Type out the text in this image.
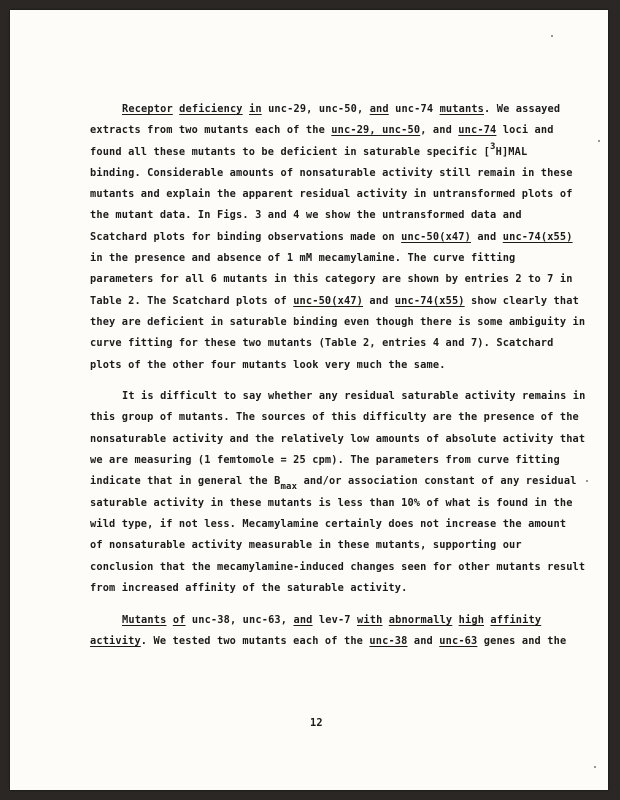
Receptor deficiency in unc-29, unc-50, and unc-74 mutants. We assayed
extracts from two mutants each of the unc-29, unc-50, and unc-74 loci and
found all these mutants to be deficient in saturable specific [3H]MAL
binding. Considerable amounts of nonsaturable activity still remain in these
mutants and explain the apparent residual activity in untransformed plots of
the mutant data. In Figs. 3 and 4 we show the untransformed data and
Scatchard plots for binding observations made on unc-50(x47) and unc-74(x55)
in the presence and absence of 1 mM mecamylamine. The curve fitting
parameters for all 6 mutants in this category are shown by entries 2 to 7 in
Table 2. The Scatchard plots of unc-50(x47) and unc-74(x55) show clearly that
they are deficient in saturable binding even though there is some ambiguity in
curve fitting for these two mutants (Table 2, entries 4 and 7). Scatchard
plots of the other four mutants look very much the same.
It is difficult to say whether any residual saturable activity remains in
this group of mutants. The sources of this difficulty are the presence of the
nonsaturable activity and the relatively low amounts of absolute activity that
we are measuring (1 femtomole = 25 cpm). The parameters from curve fitting
indicate that in general the Bmax and/or association constant of any residual
saturable activity in these mutants is less than 10% of what is found in the
wild type, if not less. Mecamylamine certainly does not increase the amount
of nonsaturable activity measurable in these mutants, supporting our
conclusion that the mecamylamine-induced changes seen for other mutants result
from increased affinity of the saturable activity.
Mutants of unc-38, unc-63, and lev-7 with abnormally high affinity
activity. We tested two mutants each of the unc-38 and unc-63 genes and the
12
